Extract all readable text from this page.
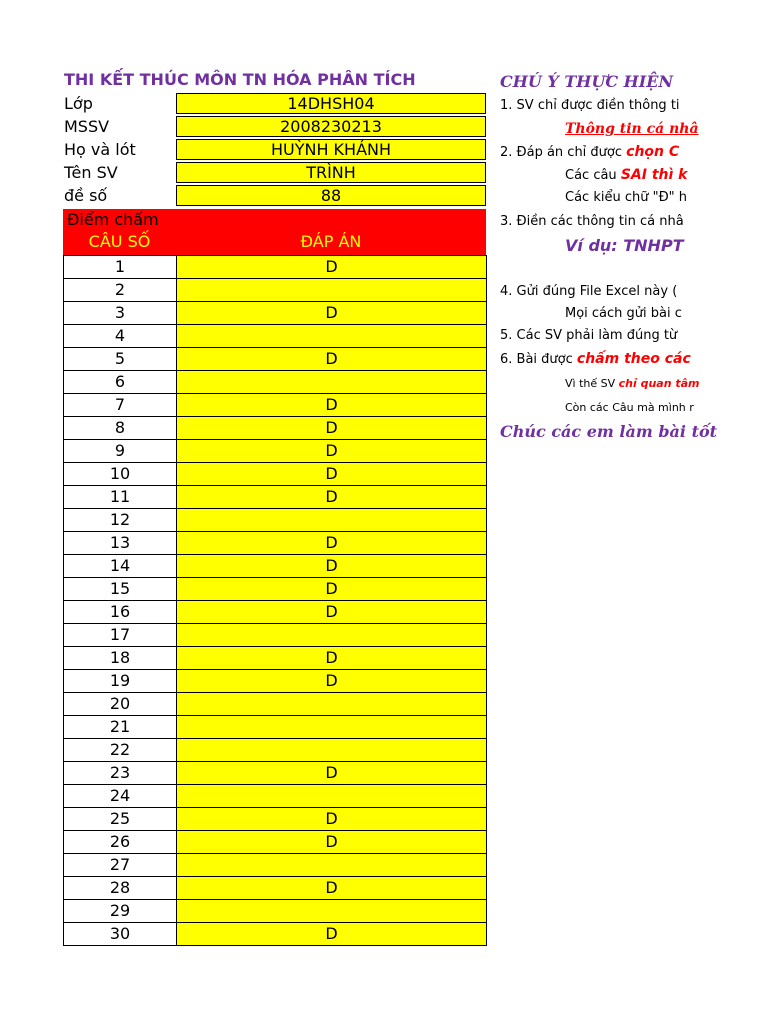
THI KẾT THÚC MÔN TN HÓA PHÂN TÍCH
Lớp	14DHSH04
MSSV	2008230213
Họ và lót	HUỲNH KHÁNH
Tên SV	TRÌNH
đề số	88
Điểm chấm
CÂU SỐ	ĐÁP ÁN
1	D
2	
3	D
4	
5	D
6	
7	D
8	D
9	D
10	D
11	D
12	
13	D
14	D
15	D
16	D
17	
18	D
19	D
20	
21	
22	
23	D
24	
25	D
26	D
27	
28	D
29	
30	D
CHÚ Ý THỰC HIỆN
1. SV chỉ được điền thông ti
Thông tin cá nhâ
2. Đáp án chỉ được chọn C
Các câu SAI thì k
Các kiểu chữ "Đ" h
3. Điền các thông tin cá nhâ
Ví dụ: TNHPT
4. Gửi đúng File Excel này (
Mọi cách gửi bài c
5. Các SV phải làm đúng từ
6. Bài được chấm theo các
Vì thế SV chỉ quan tâm
Còn các Câu mà mình r
Chúc các em làm bài tốt
